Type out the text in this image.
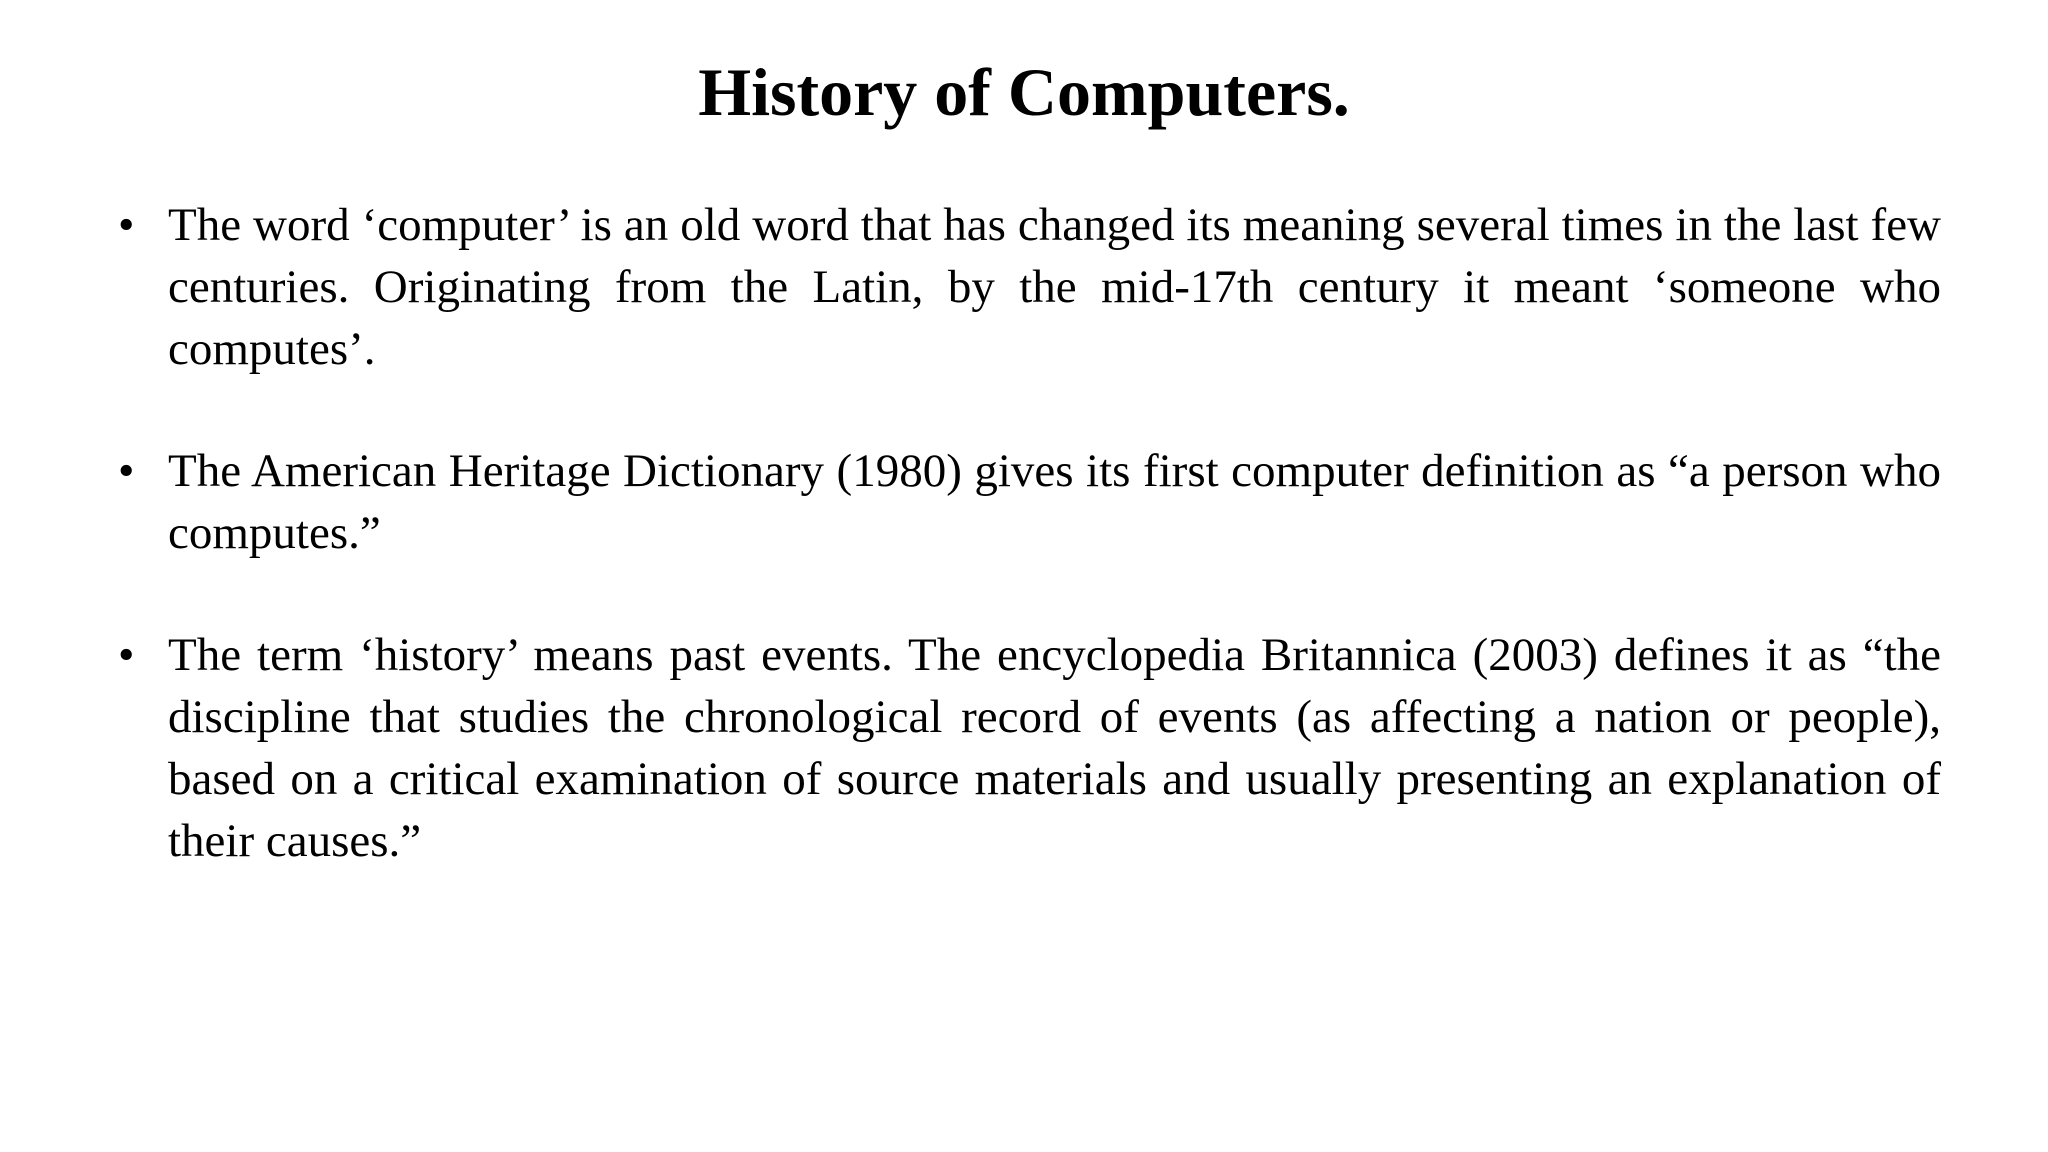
History of Computers.
• The word ‘computer’ is an old word that has changed its meaning several times in the last few centuries. Originating from the Latin, by the mid-17th century it meant ‘someone who computes’.
• The American Heritage Dictionary (1980) gives its first computer definition as “a person who computes.”
• The term ‘history’ means past events. The encyclopedia Britannica (2003) defines it as “the discipline that studies the chronological record of events (as affecting a nation or people), based on a critical examination of source materials and usually presenting an explanation of their causes.”
